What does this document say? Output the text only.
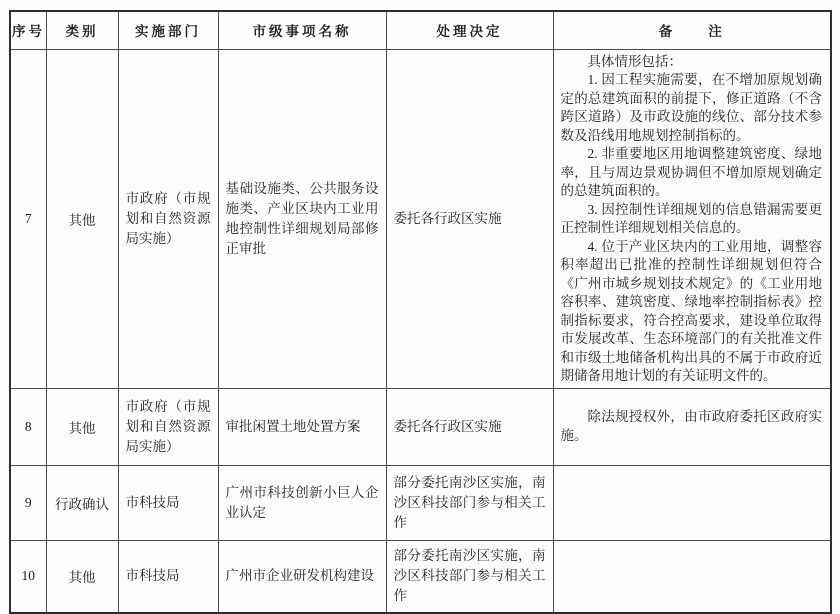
序号	类别	实施部门	市级事项名称	处理决定	备　　注
7	其他	市政府（市规划和自然资源局实施）	基础设施类、公共服务设施类、产业区块内工业用地控制性详细规划局部修正审批	委托各行政区实施	具体情形包括：

1. 因工程实施需要，在不增加原规划确定的总建筑面积的前提下，修正道路（不含跨区道路）及市政设施的线位、部分技术参数及沿线用地规划控制指标的。

2. 非重要地区用地调整建筑密度、绿地率，且与周边景观协调但不增加原规划确定的总建筑面积的。

3. 因控制性详细规划的信息错漏需要更正控制性详细规划相关信息的。

4. 位于产业区块内的工业用地，调整容积率超出已批准的控制性详细规划但符合《广州市城乡规划技术规定》的《工业用地容积率、建筑密度、绿地率控制指标表》控制指标要求，符合控高要求，建设单位取得市发展改革、生态环境部门的有关批准文件和市级土地储备机构出具的不属于市政府近期储备用地计划的有关证明文件的。

8	其他	市政府（市规划和自然资源局实施）	审批闲置土地处置方案	委托各行政区实施	除法规授权外，由市政府委托区政府实施。

9	行政确认	市科技局	广州市科技创新小巨人企业认定	部分委托南沙区实施，南沙区科技部门参与相关工作	

10	其他	市科技局	广州市企业研发机构建设	部分委托南沙区实施，南沙区科技部门参与相关工作	
